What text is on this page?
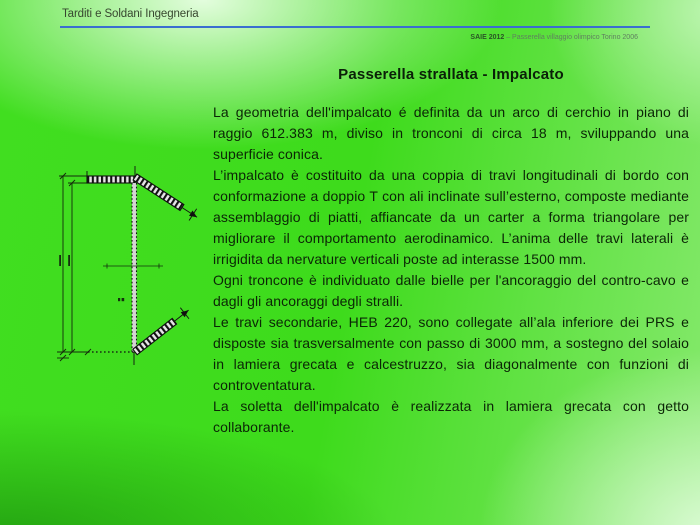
Tarditi e Soldani Ingegneria
SAIE 2012 – Passerella villaggio olimpico Torino 2006
Passerella strallata - Impalcato

La geometria dell'impalcato é definita da un arco di cerchio in piano di raggio 612.383 m, diviso in tronconi di circa 18 m, sviluppando una superficie conica.

L’impalcato è costituito da una coppia di travi longitudinali di bordo con conformazione a doppio T con ali inclinate sull’esterno, composte mediante assemblaggio di piatti, affiancate da un carter a forma triangolare per migliorare il comportamento aerodinamico. L’anima delle travi laterali è irrigidita da nervature verticali poste ad interasse 1500 mm.

Ogni troncone è individuato dalle bielle per l'ancoraggio del contro-cavo e dagli gli ancoraggi degli stralli.

Le travi secondarie, HEB 220, sono collegate all’ala inferiore dei PRS e disposte sia trasversalmente con passo di 3000 mm, a sostegno del solaio in lamiera grecata e calcestruzzo, sia diagonalmente con funzioni di controventatura.

La soletta dell'impalcato è realizzata in lamiera grecata con getto collaborante.
